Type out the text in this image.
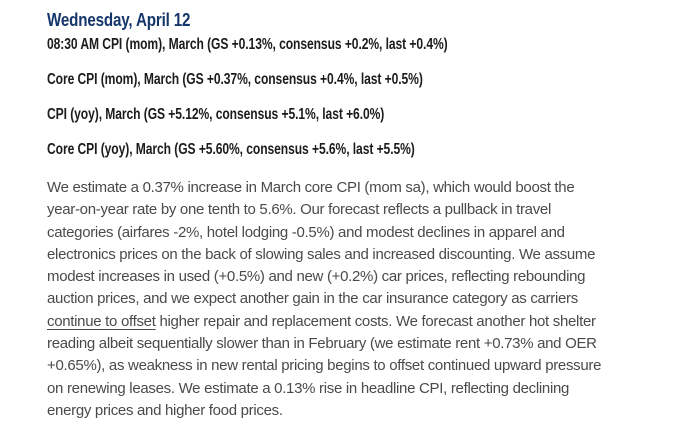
Wednesday, April 12
08:30 AM CPI (mom), March (GS +0.13%, consensus +0.2%, last +0.4%)
Core CPI (mom), March (GS +0.37%, consensus +0.4%, last +0.5%)
CPI (yoy), March (GS +5.12%, consensus +5.1%, last +6.0%)
Core CPI (yoy), March (GS +5.60%, consensus +5.6%, last +5.5%)
We estimate a 0.37% increase in March core CPI (mom sa), which would boost the
year-on-year rate by one tenth to 5.6%. Our forecast reflects a pullback in travel
categories (airfares -2%, hotel lodging -0.5%) and modest declines in apparel and
electronics prices on the back of slowing sales and increased discounting. We assume
modest increases in used (+0.5%) and new (+0.2%) car prices, reflecting rebounding
auction prices, and we expect another gain in the car insurance category as carriers
continue to offset higher repair and replacement costs. We forecast another hot shelter
reading albeit sequentially slower than in February (we estimate rent +0.73% and OER
+0.65%), as weakness in new rental pricing begins to offset continued upward pressure
on renewing leases. We estimate a 0.13% rise in headline CPI, reflecting declining
energy prices and higher food prices.
